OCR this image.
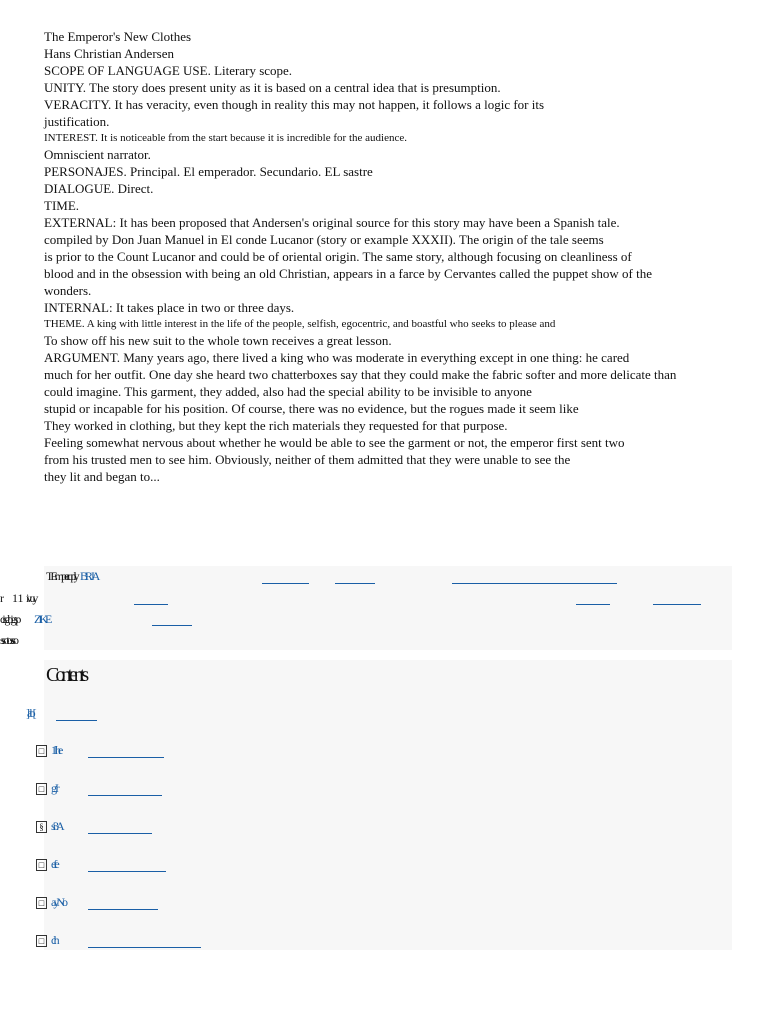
The Emperor's New Clothes
Hans Christian Andersen
SCOPE OF LANGUAGE USE. Literary scope.
UNITY. The story does present unity as it is based on a central idea that is presumption.
VERACITY. It has veracity, even though in reality this may not happen, it follows a logic for its
justification.
INTEREST. It is noticeable from the start because it is incredible for the audience.
Omniscient narrator.
PERSONAJES. Principal. El emperador. Secundario. EL sastre
DIALOGUE. Direct.
TIME.
EXTERNAL: It has been proposed that Andersen's original source for this story may have been a Spanish tale.
compiled by Don Juan Manuel in El conde Lucanor (story or example XXXII). The origin of the tale seems
is prior to the Count Lucanor and could be of oriental origin. The same story, although focusing on cleanliness of
blood and in the obsession with being an old Christian, appears in a farce by Cervantes called the puppet show of the
wonders.
INTERNAL: It takes place in two or three days.
THEME. A king with little interest in the life of the people, selfish, egocentric, and boastful who seeks to please and
To show off his new suit to the whole town receives a great lesson.
ARGUMENT. Many years ago, there lived a king who was moderate in everything except in one thing: he cared
much for her outfit. One day she heard two chatterboxes say that they could make the fabric softer and more delicate than
could imagine. This garment, they added, also had the special ability to be invisible to anyone
stupid or incapable for his position. Of course, there was no evidence, but the rogues made it seem like
They worked in clothing, but they kept the rich materials they requested for that purpose.
Feeling somewhat nervous about whether he would be able to see the garment or not, the emperor first sent two
from his trusted men to see him. Obviously, neither of them admitted that they were unable to see the
they lit and began to...
TEmperuply BRJA
r 11 ivuy
cisgbigsp	ZIKE
ssotosso
Contents
]at b[
□ 1Ihe
□ gJr
§ si3A
□ efe
□ ayNo
□ clh
